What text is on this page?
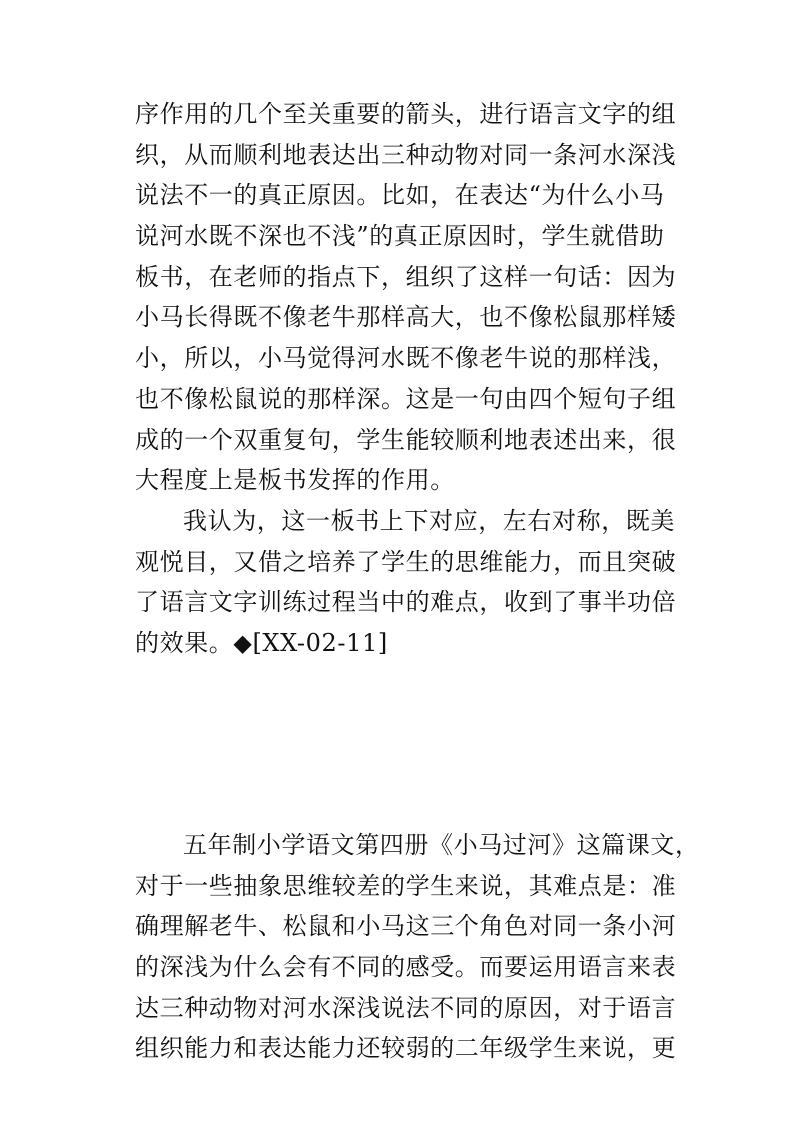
序作用的几个至关重要的箭头，进行语言文字的组
织，从而顺利地表达出三种动物对同一条河水深浅
说法不一的真正原因。比如，在表达“为什么小马
说河水既不深也不浅”的真正原因时，学生就借助
板书，在老师的指点下，组织了这样一句话：因为
小马长得既不像老牛那样高大，也不像松鼠那样矮
小，所以，小马觉得河水既不像老牛说的那样浅，
也不像松鼠说的那样深。这是一句由四个短句子组
成的一个双重复句，学生能较顺利地表述出来，很
大程度上是板书发挥的作用。
我认为，这一板书上下对应，左右对称，既美
观悦目，又借之培养了学生的思维能力，而且突破
了语言文字训练过程当中的难点，收到了事半功倍
的效果。◆[XX-02-11]
五年制小学语文第四册《小马过河》这篇课文，
对于一些抽象思维较差的学生来说，其难点是：准
确理解老牛、松鼠和小马这三个角色对同一条小河
的深浅为什么会有不同的感受。而要运用语言来表
达三种动物对河水深浅说法不同的原因，对于语言
组织能力和表达能力还较弱的二年级学生来说，更
